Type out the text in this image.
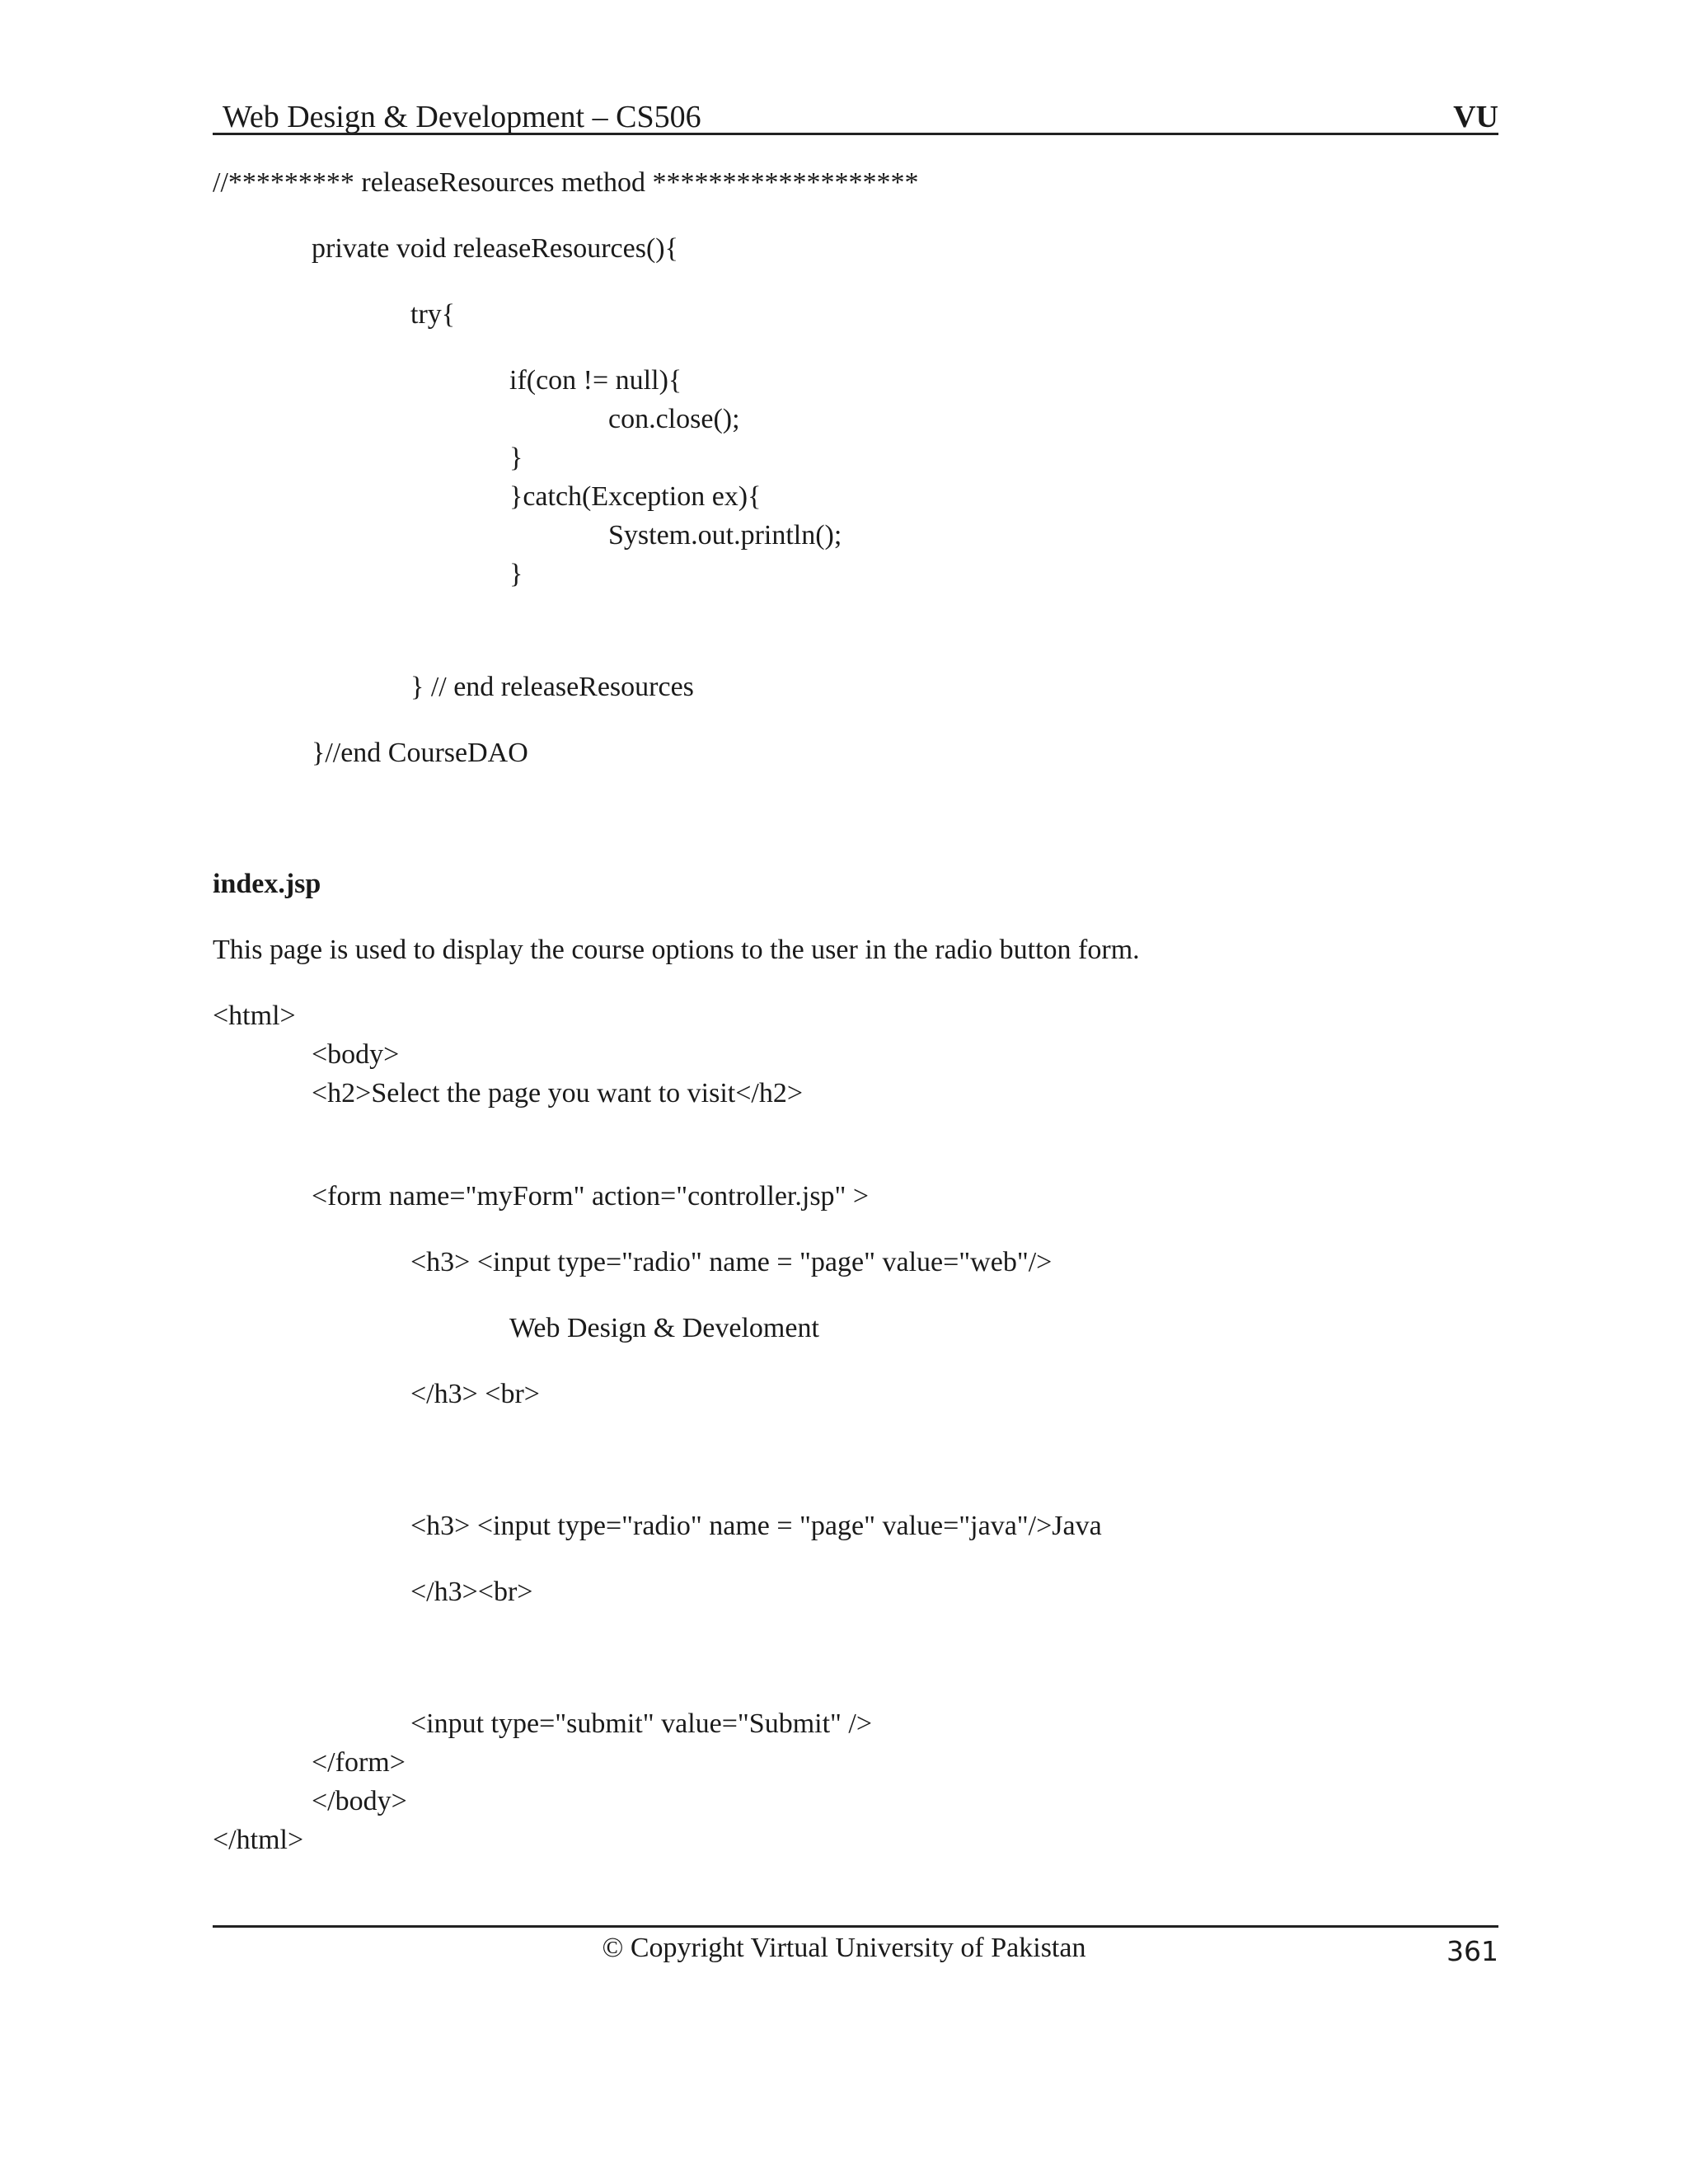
Web Design & Development – CS506	VU
//********* releaseResources method *******************
private void releaseResources(){
try{
if(con != null){
con.close();
}
}catch(Exception ex){
System.out.println();
}
} // end releaseResources
}//end CourseDAO
index.jsp
This page is used to display the course options to the user in the radio button form.
<html>
<body>
<h2>Select the page you want to visit</h2>
<form name="myForm" action="controller.jsp" >
<h3> <input type="radio" name = "page" value="web"/>
Web Design & Develoment
</h3> <br>
<h3> <input type="radio" name = "page" value="java"/>Java
</h3><br>
<input type="submit" value="Submit" />
</form>
</body>
</html>
© Copyright Virtual University of Pakistan	361
